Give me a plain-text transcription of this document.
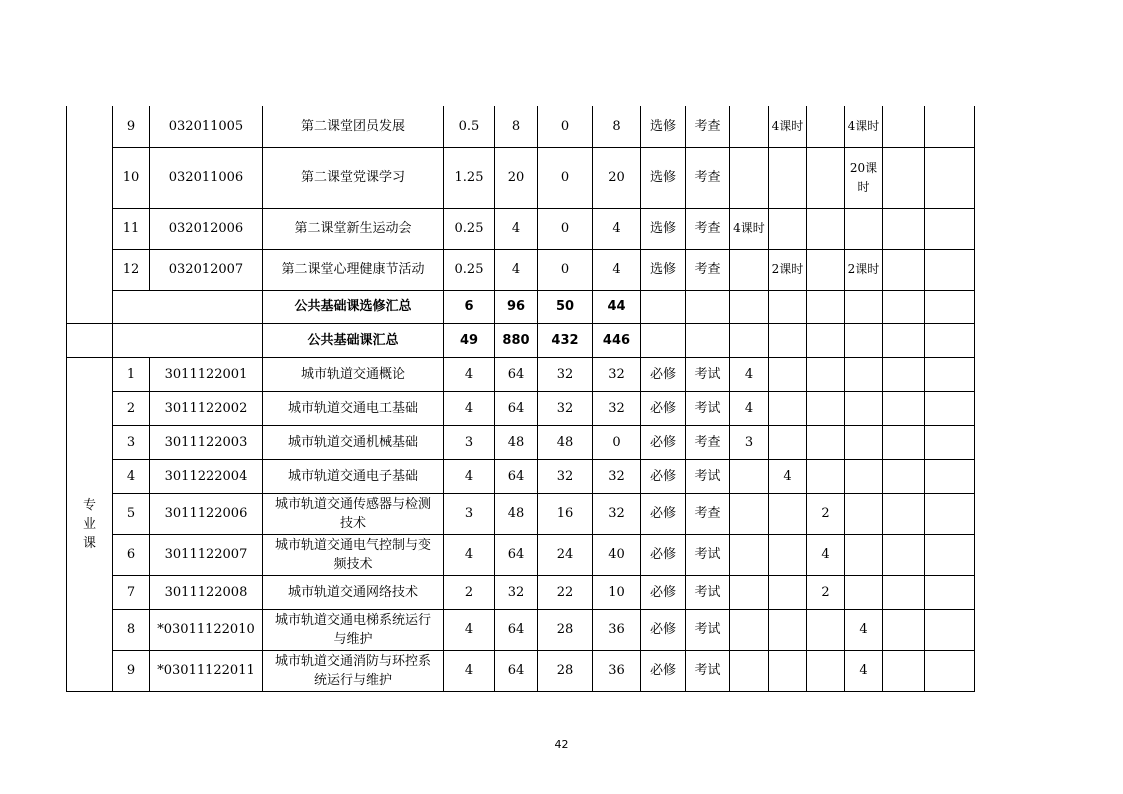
	9	032011005	第二课堂团员发展	0.5	8	0	8	选修	考查		4课时		4课时		
	10	032011006	第二课堂党课学习	1.25	20	0	20	选修	考查				20课时		
	11	032012006	第二课堂新生运动会	0.25	4	0	4	选修	考查	4课时					
	12	032012007	第二课堂心理健康节活动	0.25	4	0	4	选修	考查		2课时		2课时		
			公共基础课选修汇总	6	96	50	44								
			公共基础课汇总	49	880	432	446								
专业课	1	3011122001	城市轨道交通概论	4	64	32	32	必修	考试	4					
	2	3011122002	城市轨道交通电工基础	4	64	32	32	必修	考试	4					
	3	3011122003	城市轨道交通机械基础	3	48	48	0	必修	考查	3					
	4	3011222004	城市轨道交通电子基础	4	64	32	32	必修	考试		4				
	5	3011122006	城市轨道交通传感器与检测技术	3	48	16	32	必修	考查			2			
	6	3011122007	城市轨道交通电气控制与变频技术	4	64	24	40	必修	考试			4			
	7	3011122008	城市轨道交通网络技术	2	32	22	10	必修	考试			2			
	8	*03011122010	城市轨道交通电梯系统运行与维护	4	64	28	36	必修	考试				4		
	9	*03011122011	城市轨道交通消防与环控系统运行与维护	4	64	28	36	必修	考试				4		
42
